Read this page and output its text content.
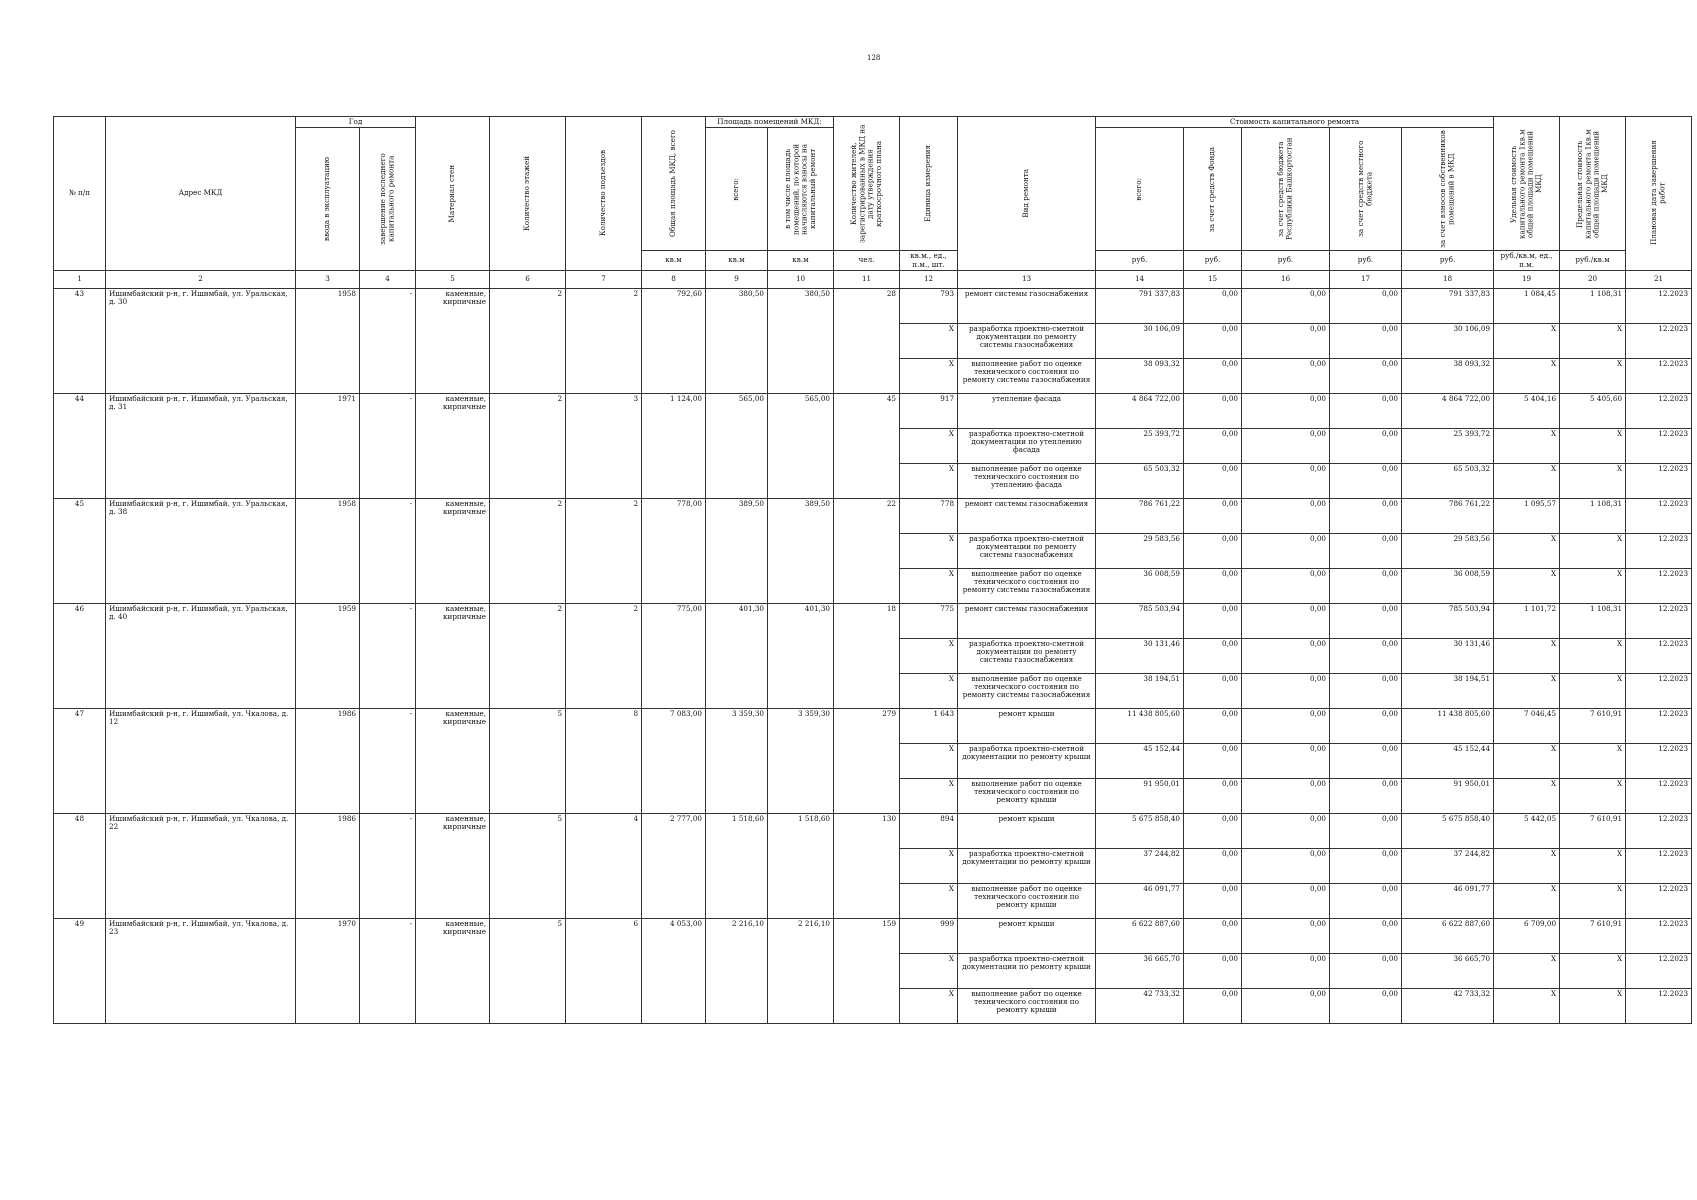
128
№ п/п	Адрес МКД	Год		Материал стен	Количество этажей	Количество подъездов	Общая площадь МКД, всего	Площадь помещений МКД:		Количество жителей, зарегистрированных в МКД на дату утверждения краткосрочного плана	Единица измерения	Вид ремонта	Стоимость капитального ремонта					Удельная стоимость капитального ремонта 1кв.м общей площади помещений МКД	Предельная стоимость капитального ремонта 1кв.м общей площади помещений МКД	Плановая дата завершения работ

		ввода в эксплуатацию	завершение последнего капитального ремонта					всего:	в том числе площадь помещений, по которой начисляются взносы на капитальный ремонт				всего:	за счет средств Фонда	за счет средств бюджета Республики Башкортостан	за счет средств местного бюджета	за счет взносов собственников помещений в МКД			

							кв.м	кв.м	кв.м	чел.	кв.м., ед., п.м., шт.		руб.	руб.	руб.	руб.	руб.	руб./кв.м, ед., п.м.	руб./кв.м	
1	2	3	4	5	6	7	8	9	10	11	12	13	14	15	16	17	18	19	20	21
43	Ишимбайский р-н, г. Ишимбай, ул. Уральская, д. 30	1958	-	каменные, кирпичные	2	2	792,60	380,50	380,50	28	793	ремонт системы газоснабжения	791 337,83	0,00	0,00	0,00	791 337,83	1 084,45	1 108,31	12.2023
											X	разработка проектно-сметной документации по ремонту системы газоснабжения	30 106,09	0,00	0,00	0,00	30 106,09	X	X	12.2023
											X	выполнение работ по оценке технического состояния по ремонту системы газоснабжения	38 093,32	0,00	0,00	0,00	38 093,32	X	X	12.2023
44	Ишимбайский р-н, г. Ишимбай, ул. Уральская, д. 31	1971	-	каменные, кирпичные	2	3	1 124,00	565,00	565,00	45	917	утепление фасада	4 864 722,00	0,00	0,00	0,00	4 864 722,00	5 404,16	5 405,60	12.2023
											X	разработка проектно-сметной документации по утеплению фасада	25 393,72	0,00	0,00	0,00	25 393,72	X	X	12.2023
											X	выполнение работ по оценке технического состояния по утеплению фасада	65 503,32	0,00	0,00	0,00	65 503,32	X	X	12.2023
45	Ишимбайский р-н, г. Ишимбай, ул. Уральская, д. 38	1958	-	каменные, кирпичные	2	2	778,00	389,50	389,50	22	778	ремонт системы газоснабжения	786 761,22	0,00	0,00	0,00	786 761,22	1 095,57	1 108,31	12.2023
											X	разработка проектно-сметной документации по ремонту системы газоснабжения	29 583,56	0,00	0,00	0,00	29 583,56	X	X	12.2023
											X	выполнение работ по оценке технического состояния по ремонту системы газоснабжения	36 008,59	0,00	0,00	0,00	36 008,59	X	X	12.2023
46	Ишимбайский р-н, г. Ишимбай, ул. Уральская, д. 40	1959	-	каменные, кирпичные	2	2	775,00	401,30	401,30	18	775	ремонт системы газоснабжения	785 503,94	0,00	0,00	0,00	785 503,94	1 101,72	1 108,31	12.2023
											X	разработка проектно-сметной документации по ремонту системы газоснабжения	30 131,46	0,00	0,00	0,00	30 131,46	X	X	12.2023
											X	выполнение работ по оценке технического состояния по ремонту системы газоснабжения	38 194,51	0,00	0,00	0,00	38 194,51	X	X	12.2023
47	Ишимбайский р-н, г. Ишимбай, ул. Чкалова, д. 12	1986	-	каменные, кирпичные	5	8	7 083,00	3 359,30	3 359,30	279	1 643	ремонт крыши	11 438 805,60	0,00	0,00	0,00	11 438 805,60	7 046,45	7 610,91	12.2023
											X	разработка проектно-сметной документации по ремонту крыши	45 152,44	0,00	0,00	0,00	45 152,44	X	X	12.2023
											X	выполнение работ по оценке технического состояния по ремонту крыши	91 950,01	0,00	0,00	0,00	91 950,01	X	X	12.2023
48	Ишимбайский р-н, г. Ишимбай, ул. Чкалова, д. 22	1986	-	каменные, кирпичные	5	4	2 777,00	1 518,60	1 518,60	130	894	ремонт крыши	5 675 858,40	0,00	0,00	0,00	5 675 858,40	5 442,05	7 610,91	12.2023
											X	разработка проектно-сметной документации по ремонту крыши	37 244,82	0,00	0,00	0,00	37 244,82	X	X	12.2023
											X	выполнение работ по оценке технического состояния по ремонту крыши	46 091,77	0,00	0,00	0,00	46 091,77	X	X	12.2023
49	Ишимбайский р-н, г. Ишимбай, ул. Чкалова, д. 23	1970	-	каменные, кирпичные	5	6	4 053,00	2 216,10	2 216,10	159	999	ремонт крыши	6 622 887,60	0,00	0,00	0,00	6 622 887,60	6 709,00	7 610,91	12.2023
											X	разработка проектно-сметной документации по ремонту крыши	36 665,70	0,00	0,00	0,00	36 665,70	X	X	12.2023
											X	выполнение работ по оценке технического состояния по ремонту крыши	42 733,32	0,00	0,00	0,00	42 733,32	X	X	12.2023
